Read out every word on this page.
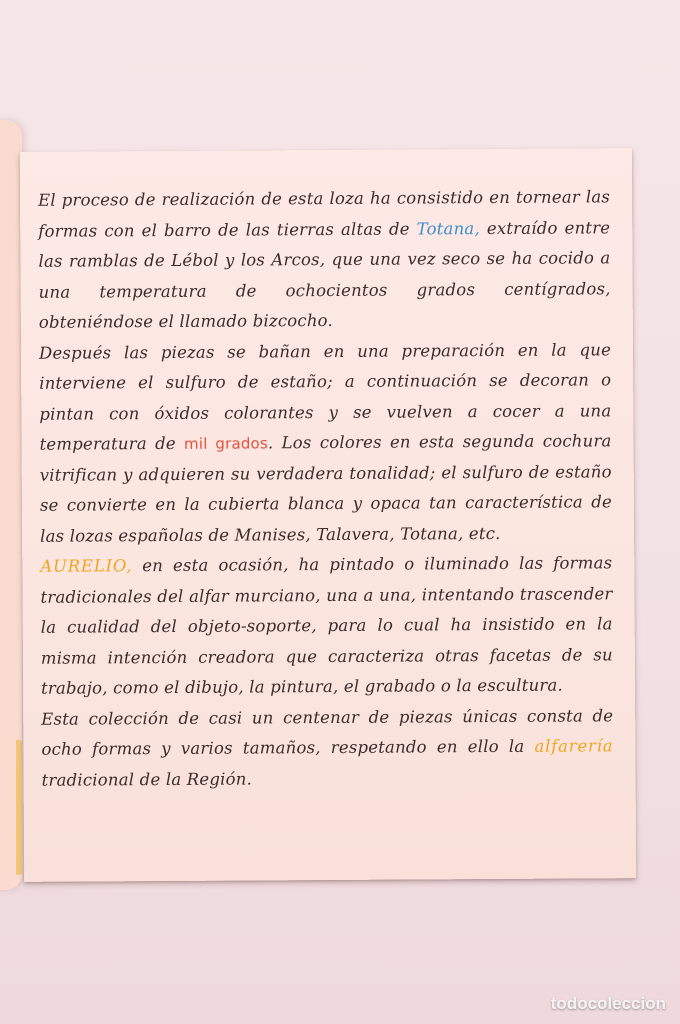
El proceso de realización de esta loza ha consistido en tornear las formas con el barro de las tierras altas de Totana, extraído entre las ramblas de Lébol y los Arcos, que una vez seco se ha cocido a una temperatura de ochocientos grados centígrados, obteniéndose el llamado bizcocho.

Después las piezas se bañan en una preparación en la que interviene el sulfuro de estaño; a continuación se decoran o pintan con óxidos colorantes y se vuelven a cocer a una temperatura de mil grados. Los colores en esta segunda cochura vitrifican y adquieren su verdadera tonalidad; el sulfuro de estaño se convierte en la cubierta blanca y opaca tan característica de las lozas españolas de Manises, Talavera, Totana, etc.

AURELIO, en esta ocasión, ha pintado o iluminado las formas tradicionales del alfar murciano, una a una, intentando trascender la cualidad del objeto-soporte, para lo cual ha insistido en la misma intención creadora que caracteriza otras facetas de su trabajo, como el dibujo, la pintura, el grabado o la escultura.

Esta colección de casi un centenar de piezas únicas consta de ocho formas y varios tamaños, respetando en ello la alfarería tradicional de la Región.

todocoleccion
